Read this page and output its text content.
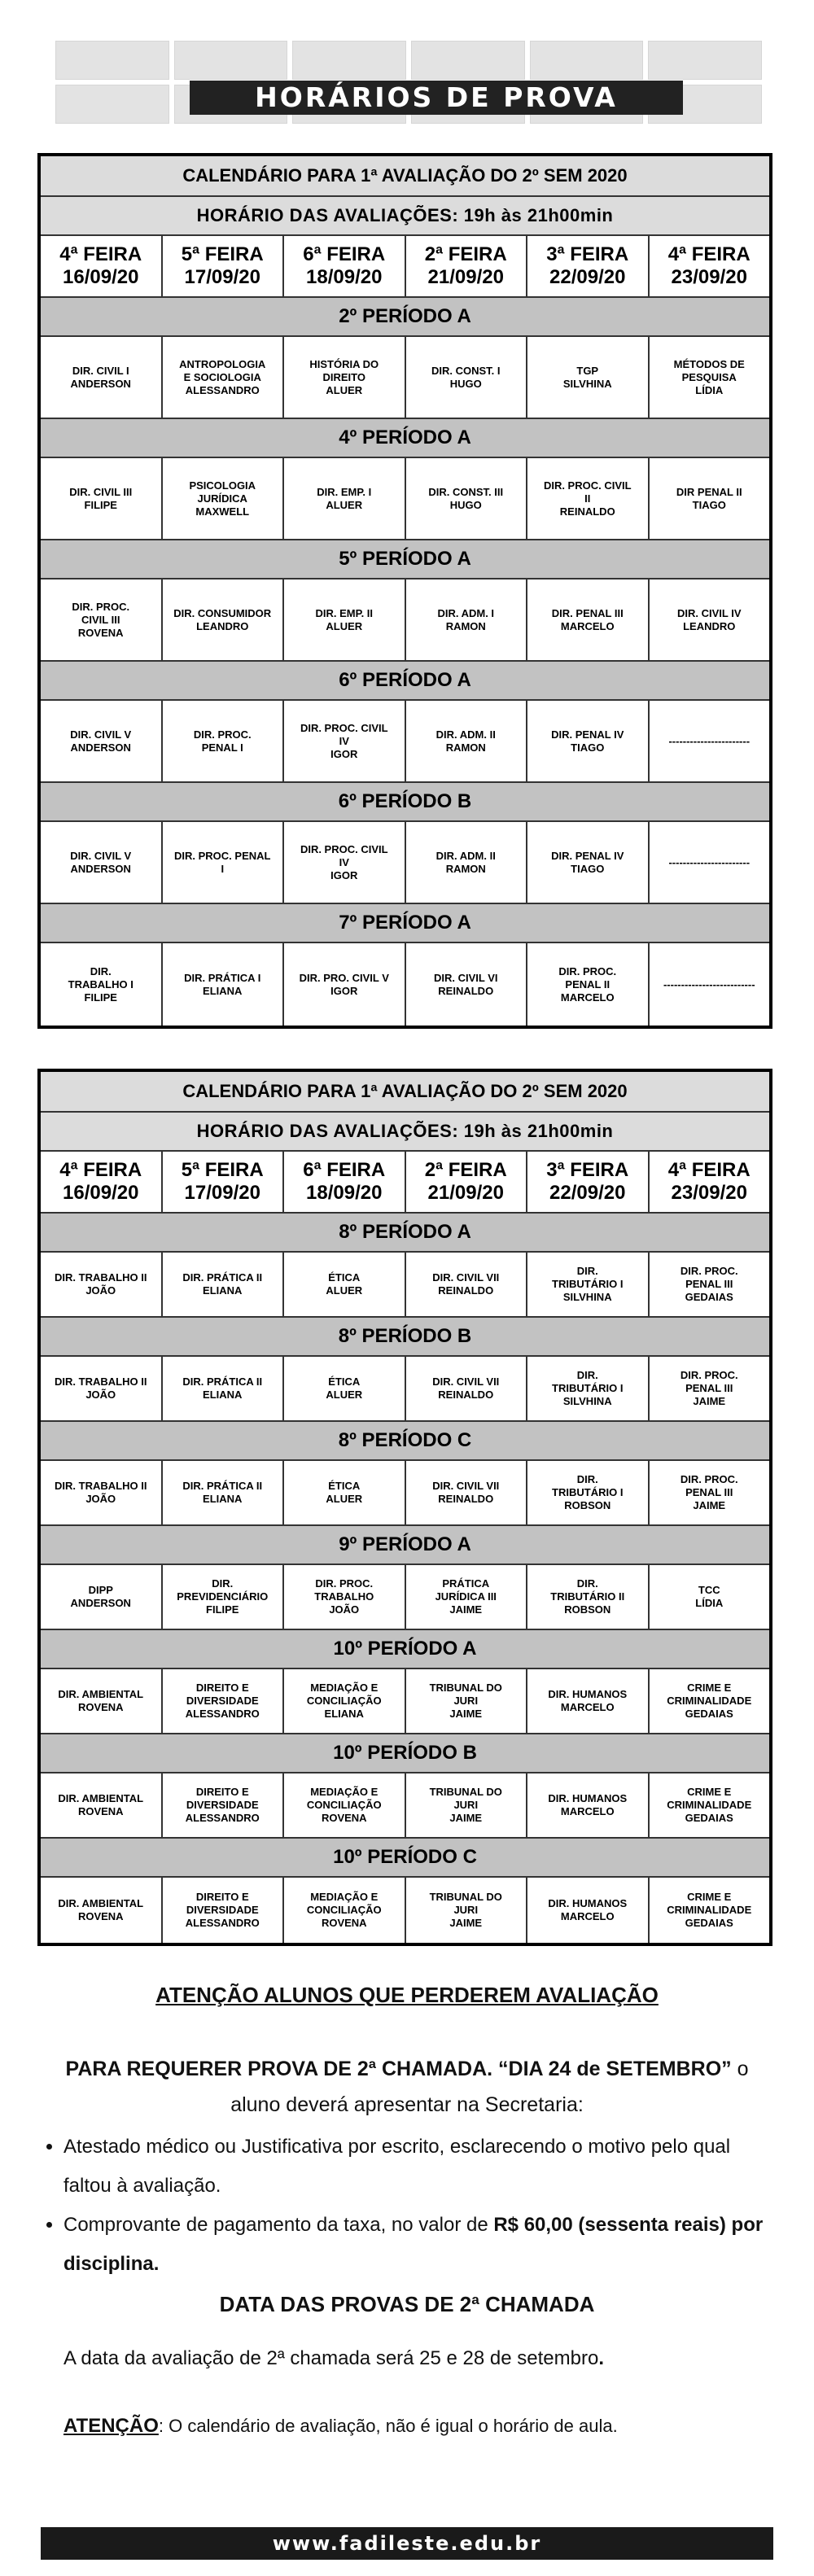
HORÁRIOS DE PROVA
CALENDÁRIO PARA 1ª AVALIAÇÃO DO 2º SEM 2020
HORÁRIO DAS AVALIAÇÕES: 19h às 21h00min
4ª FEIRA
16/09/20
5ª FEIRA
17/09/20
6ª FEIRA
18/09/20
2ª FEIRA
21/09/20
3ª FEIRA
22/09/20
4ª FEIRA
23/09/20
2º PERÍODO A
DIR. CIVIL I
ANDERSON
ANTROPOLOGIA
E SOCIOLOGIA
ALESSANDRO
HISTÓRIA DO
DIREITO
ALUER
DIR. CONST. I
HUGO
TGP
SILVHINA
MÉTODOS DE
PESQUISA
LÍDIA
4º PERÍODO A
DIR. CIVIL III
FILIPE
PSICOLOGIA
JURÍDICA
MAXWELL
DIR. EMP. I
ALUER
DIR. CONST. III
HUGO
DIR. PROC. CIVIL
II
REINALDO
DIR PENAL II
TIAGO
5º PERÍODO A
DIR. PROC.
CIVIL III
ROVENA
DIR. CONSUMIDOR
LEANDRO
DIR. EMP. II
ALUER
DIR. ADM. I
RAMON
DIR. PENAL III
MARCELO
DIR. CIVIL IV
LEANDRO
6º PERÍODO A
DIR. CIVIL V
ANDERSON
DIR. PROC.
PENAL I
DIR. PROC. CIVIL
IV
IGOR
DIR. ADM. II
RAMON
DIR. PENAL IV
TIAGO
-----------------------
6º PERÍODO B
DIR. CIVIL V
ANDERSON
DIR. PROC. PENAL
I
DIR. PROC. CIVIL
IV
IGOR
DIR. ADM. II
RAMON
DIR. PENAL IV
TIAGO
-----------------------
7º PERÍODO A
DIR.
TRABALHO I
FILIPE
DIR. PRÁTICA I
ELIANA
DIR. PRO. CIVIL V
IGOR
DIR. CIVIL VI
REINALDO
DIR. PROC.
PENAL II
MARCELO
--------------------------
CALENDÁRIO PARA 1ª AVALIAÇÃO DO 2º SEM 2020
HORÁRIO DAS AVALIAÇÕES: 19h às 21h00min
4ª FEIRA
16/09/20
5ª FEIRA
17/09/20
6ª FEIRA
18/09/20
2ª FEIRA
21/09/20
3ª FEIRA
22/09/20
4ª FEIRA
23/09/20
8º PERÍODO A
DIR. TRABALHO II
JOÃO
DIR. PRÁTICA II
ELIANA
ÉTICA
ALUER
DIR. CIVIL VII
REINALDO
DIR.
TRIBUTÁRIO I
SILVHINA
DIR. PROC.
PENAL III
GEDAIAS
8º PERÍODO B
DIR. TRABALHO II
JOÃO
DIR. PRÁTICA II
ELIANA
ÉTICA
ALUER
DIR. CIVIL VII
REINALDO
DIR.
TRIBUTÁRIO I
SILVHINA
DIR. PROC.
PENAL III
JAIME
8º PERÍODO C
DIR. TRABALHO II
JOÃO
DIR. PRÁTICA II
ELIANA
ÉTICA
ALUER
DIR. CIVIL VII
REINALDO
DIR.
TRIBUTÁRIO I
ROBSON
DIR. PROC.
PENAL III
JAIME
9º PERÍODO A
DIPP
ANDERSON
DIR.
PREVIDENCIÁRIO
FILIPE
DIR. PROC.
TRABALHO
JOÃO
PRÁTICA
JURÍDICA III
JAIME
DIR.
TRIBUTÁRIO II
ROBSON
TCC
LÍDIA
10º PERÍODO A
DIR. AMBIENTAL
ROVENA
DIREITO E
DIVERSIDADE
ALESSANDRO
MEDIAÇÃO E
CONCILIAÇÃO
ELIANA
TRIBUNAL DO
JURI
JAIME
DIR. HUMANOS
MARCELO
CRIME E
CRIMINALIDADE
GEDAIAS
10º PERÍODO B
DIR. AMBIENTAL
ROVENA
DIREITO E
DIVERSIDADE
ALESSANDRO
MEDIAÇÃO E
CONCILIAÇÃO
ROVENA
TRIBUNAL DO
JURI
JAIME
DIR. HUMANOS
MARCELO
CRIME E
CRIMINALIDADE
GEDAIAS
10º PERÍODO C
DIR. AMBIENTAL
ROVENA
DIREITO E
DIVERSIDADE
ALESSANDRO
MEDIAÇÃO E
CONCILIAÇÃO
ROVENA
TRIBUNAL DO
JURI
JAIME
DIR. HUMANOS
MARCELO
CRIME E
CRIMINALIDADE
GEDAIAS
ATENÇÃO ALUNOS QUE PERDEREM AVALIAÇÃO

PARA REQUERER PROVA DE 2ª CHAMADA. “DIA 24 de SETEMBRO” o aluno deverá apresentar na Secretaria:

• Atestado médico ou Justificativa por escrito, esclarecendo o motivo pelo qual faltou à avaliação.
• Comprovante de pagamento da taxa, no valor de R$ 60,00 (sessenta reais) por disciplina.
DATA DAS PROVAS DE 2ª CHAMADA

A data da avaliação de 2ª chamada será 25 e 28 de setembro.

ATENÇÃO: O calendário de avaliação, não é igual o horário de aula.

www.fadileste.edu.br
